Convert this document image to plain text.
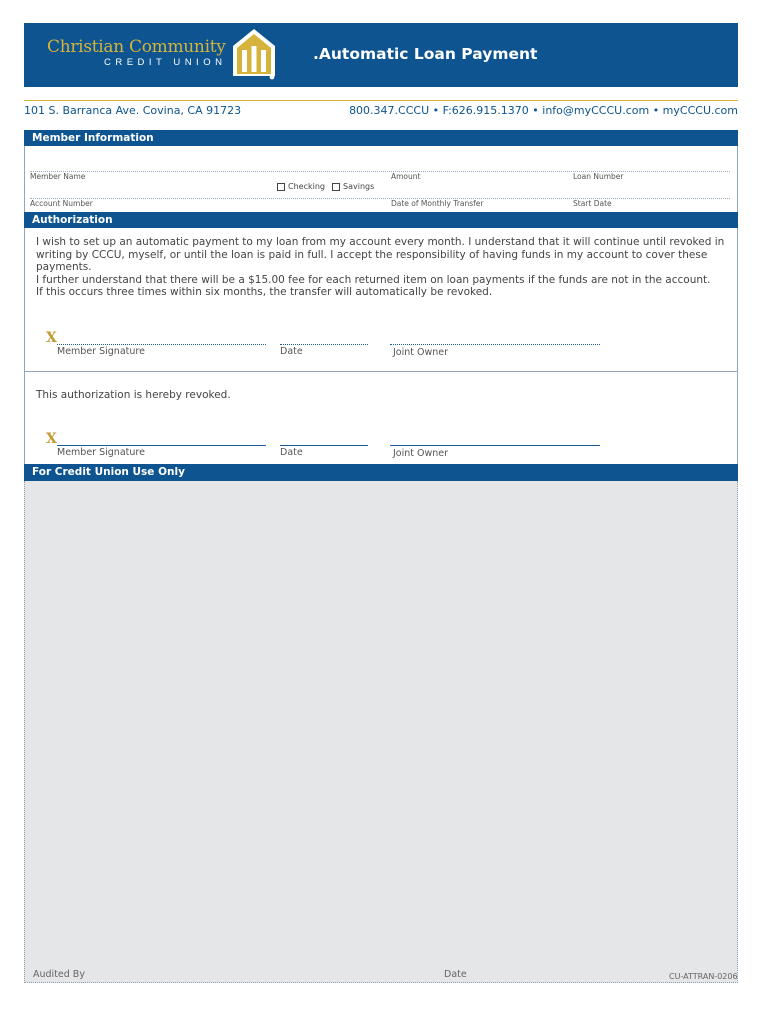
Christian Community
CREDIT UNION	.Automatic Loan Payment
101 S. Barranca Ave. Covina, CA 91723	800.347.CCCU • F:626.915.1370 • info@myCCCU.com • myCCCU.com
Member Information
Member Name	Amount	Loan Number
Checking	Savings
Account Number	Date of Monthly Transfer	Start Date
Authorization
I wish to set up an automatic payment to my loan from my account every month. I understand that it will continue until revoked in
writing by CCCU, myself, or until the loan is paid in full. I accept the responsibility of having funds in my account to cover these
payments.
I further understand that there will be a $15.00 fee for each returned item on loan payments if the funds are not in the account.
If this occurs three times within six months, the transfer will automatically be revoked.
X
Member Signature	Date	Joint Owner
This authorization is hereby revoked.
X
Member Signature	Date	Joint Owner
For Credit Union Use Only
Audited By	Date	CU-ATTRAN-0206
